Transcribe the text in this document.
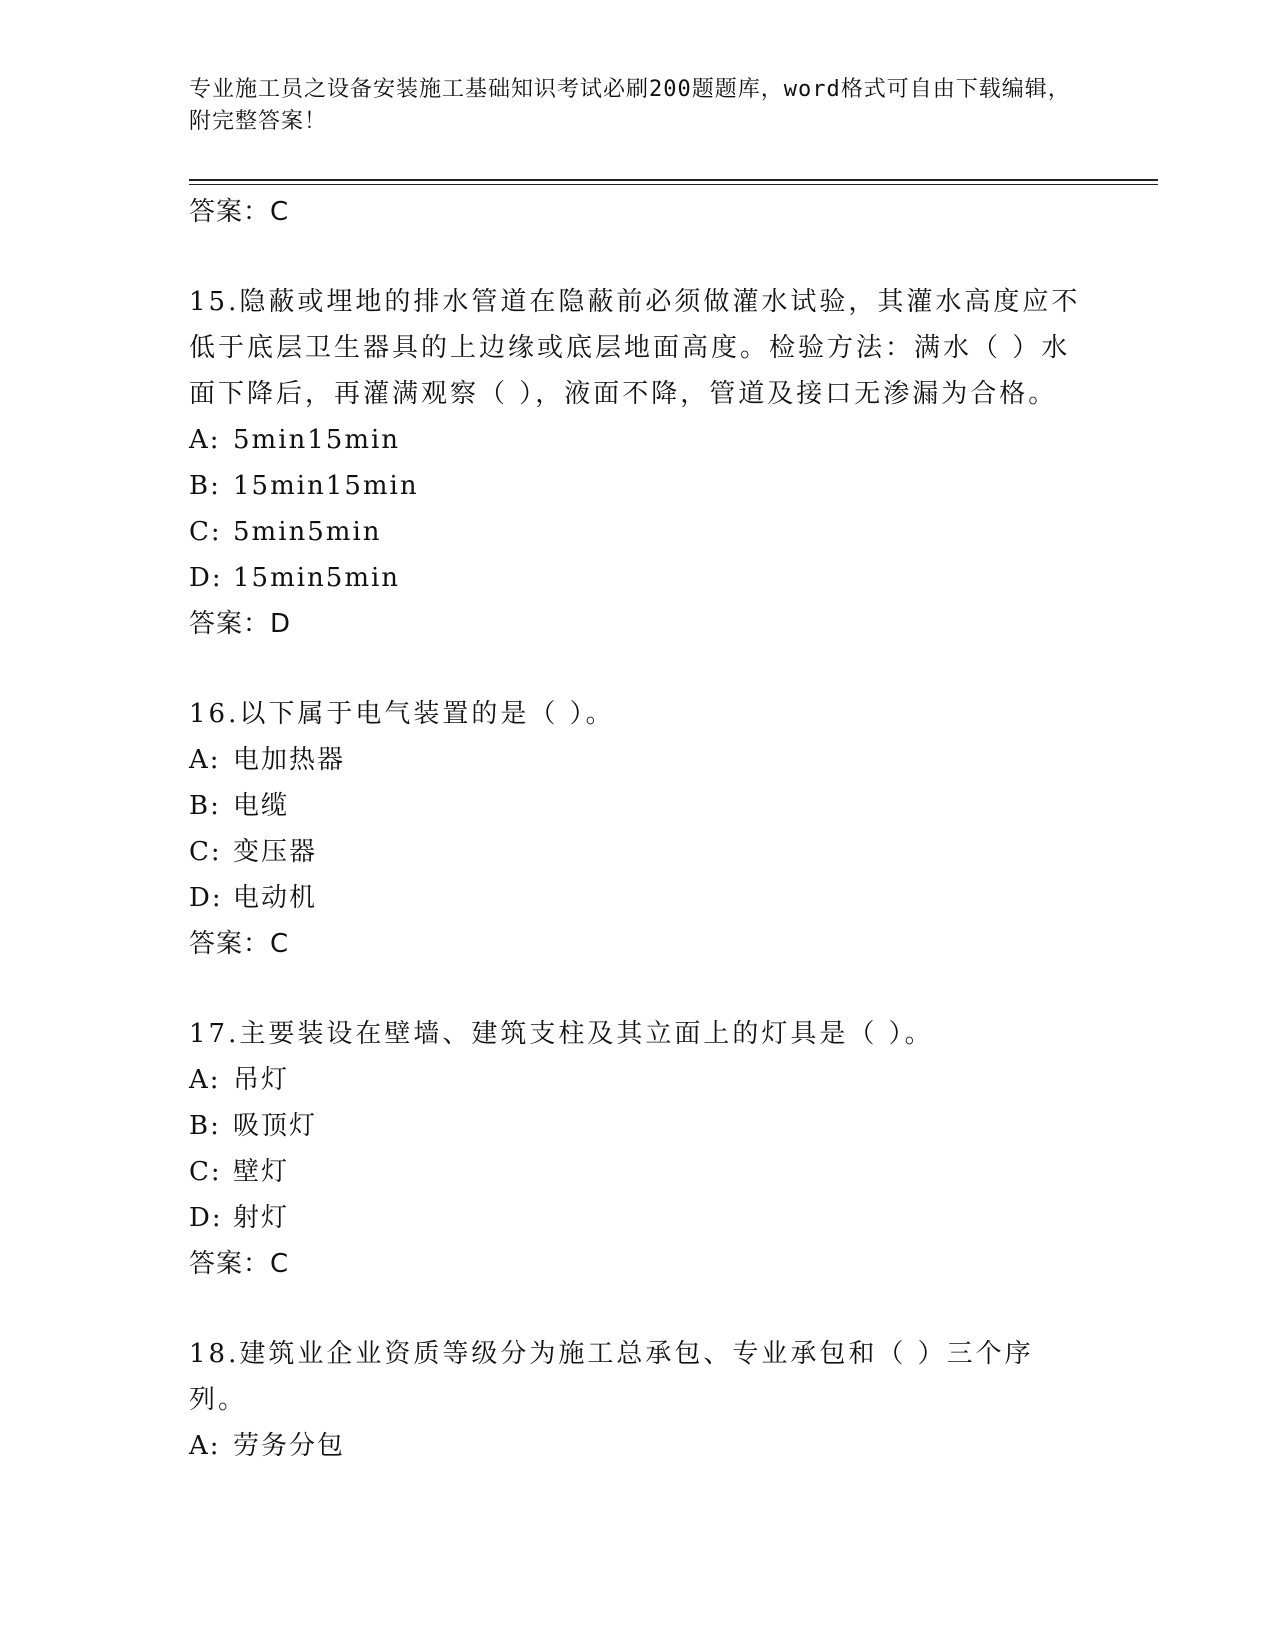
专业施工员之设备安装施工基础知识考试必刷200题题库，word格式可自由下载编辑，附完整答案！
答案：C
15.隐蔽或埋地的排水管道在隐蔽前必须做灌水试验，其灌水高度应不低于底层卫生器具的上边缘或底层地面高度。检验方法：满水（ ）水面下降后，再灌满观察（ ），液面不降，管道及接口无渗漏为合格。
A: 5min15min
B: 15min15min
C: 5min5min
D: 15min5min
答案：D
16.以下属于电气装置的是（ ）。
A: 电加热器
B: 电缆
C: 变压器
D: 电动机
答案：C
17.主要装设在壁墙、建筑支柱及其立面上的灯具是（ ）。
A: 吊灯
B: 吸顶灯
C: 壁灯
D: 射灯
答案：C
18.建筑业企业资质等级分为施工总承包、专业承包和（ ）三个序列。
A: 劳务分包
